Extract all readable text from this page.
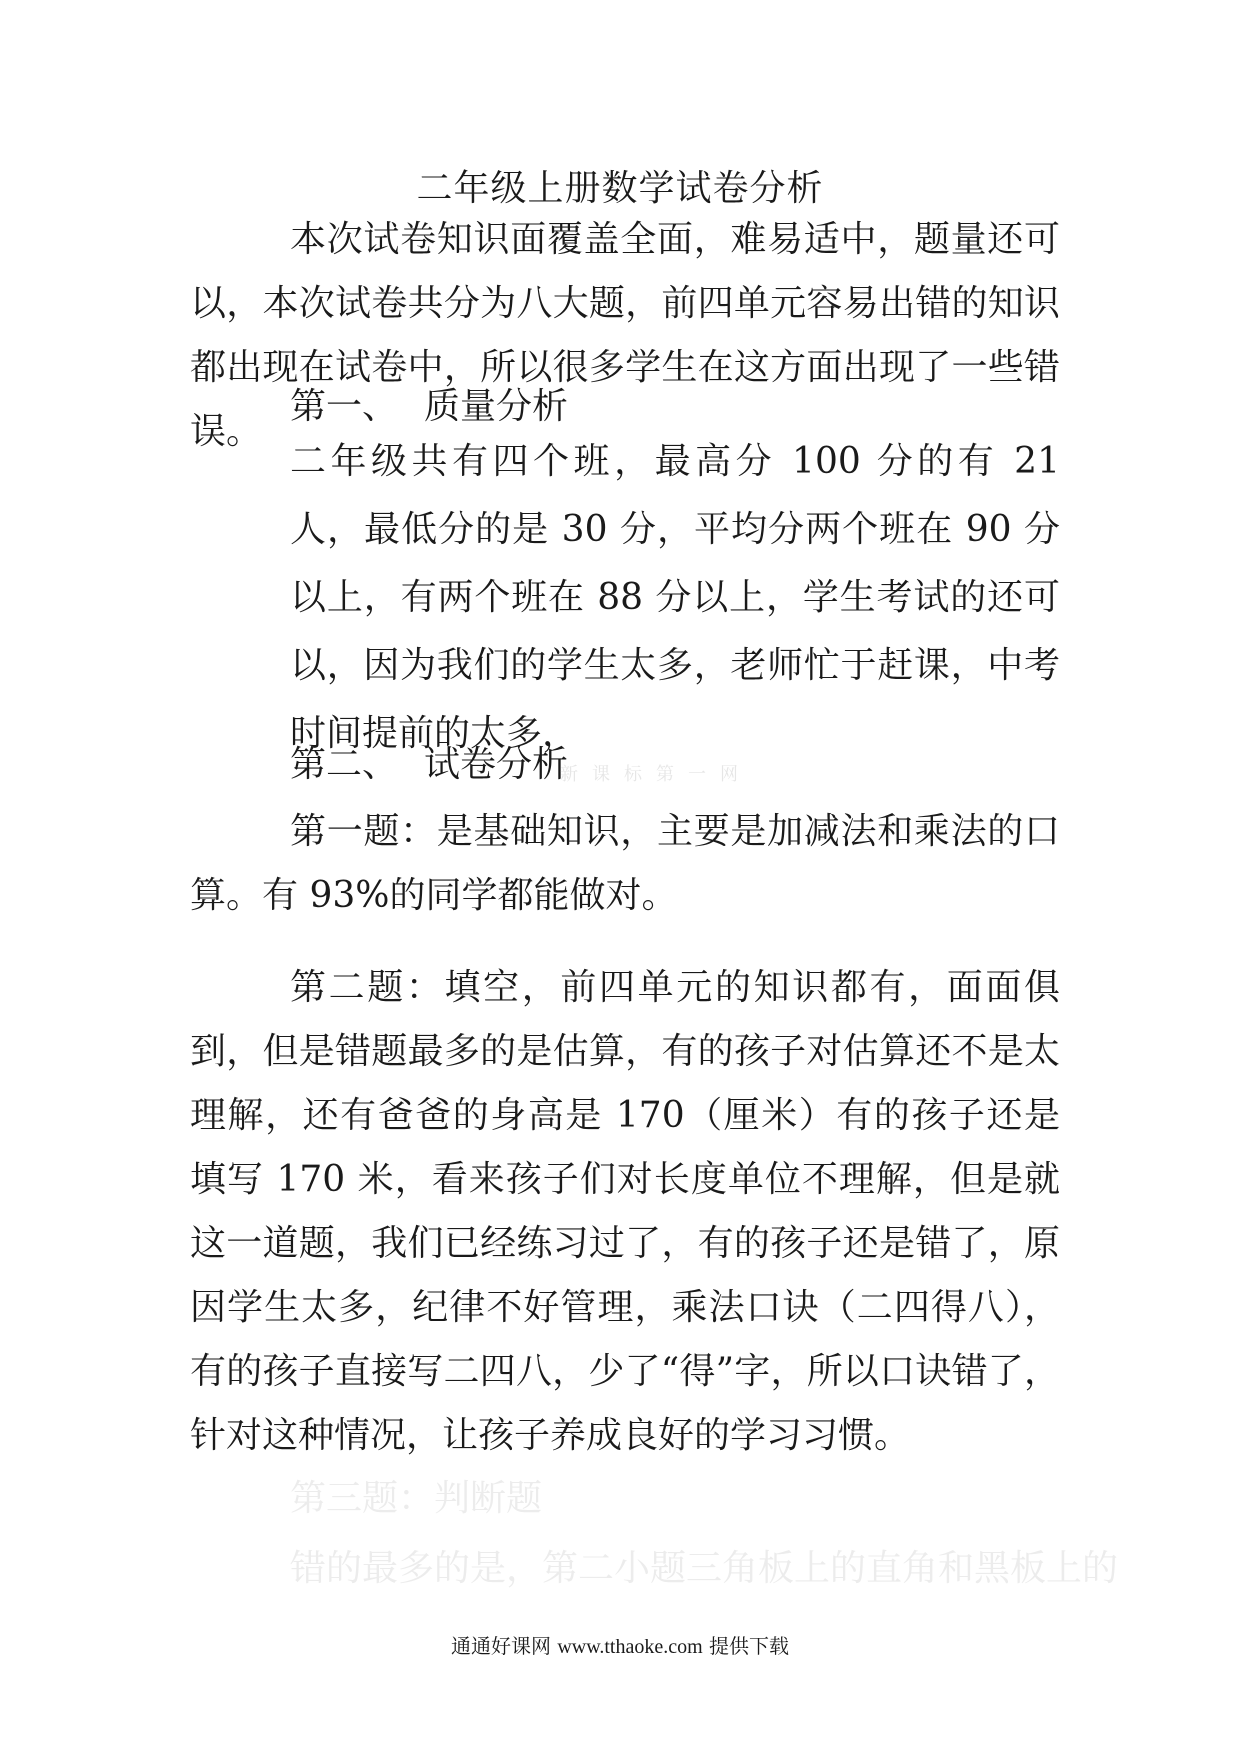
二年级上册数学试卷分析
本次试卷知识面覆盖全面，难易适中，题量还可以，本次试卷共分为八大题，前四单元容易出错的知识都出现在试卷中，所以很多学生在这方面出现了一些错误。
第一、 质量分析
二年级共有四个班，最高分 100 分的有 21 人，最低分的是 30 分，平均分两个班在 90 分以上，有两个班在 88 分以上，学生考试的还可以，因为我们的学生太多，老师忙于赶课，中考时间提前的太多，
第二、 试卷分析
新课标第一网
第一题：是基础知识，主要是加减法和乘法的口算。有 93%的同学都能做对。
第二题：填空，前四单元的知识都有，面面俱到，但是错题最多的是估算，有的孩子对估算还不是太理解，还有爸爸的身高是 170（厘米）有的孩子还是填写 170 米，看来孩子们对长度单位不理解，但是就这一道题，我们已经练习过了，有的孩子还是错了，原因学生太多，纪律不好管理，乘法口诀（二四得八），有的孩子直接写二四八，少了“得”字，所以口诀错了，针对这种情况，让孩子养成良好的学习习惯。
第三题：判断题
错的最多的是，第二小题三角板上的直角和黑板上的
通通好课网 www.tthaoke.com 提供下载
